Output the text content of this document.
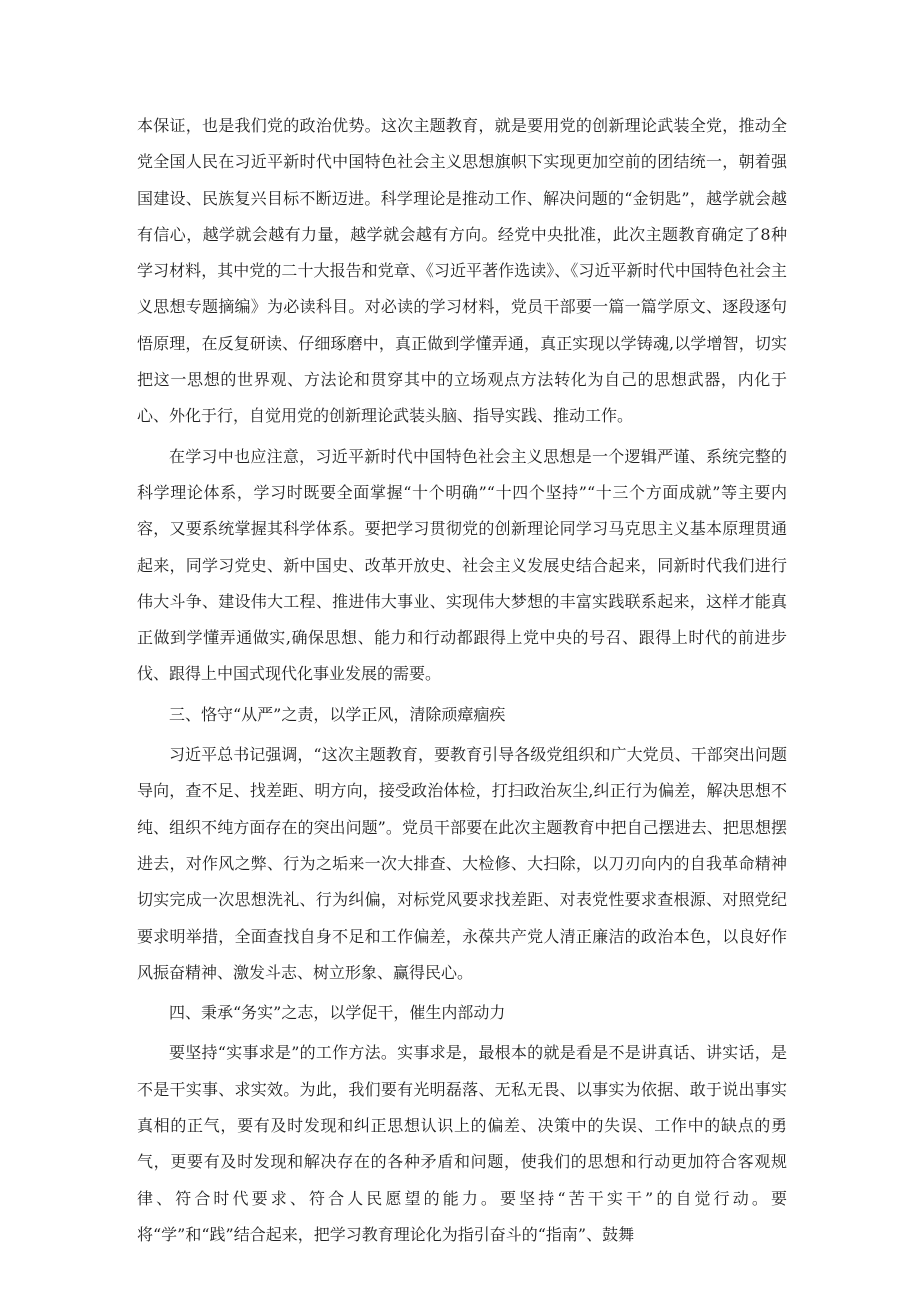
本保证，也是我们党的政治优势。这次主题教育，就是要用党的创新理论武装全党，推动全党全国人民在习近平新时代中国特色社会主义思想旗帜下实现更加空前的团结统一，朝着强国建设、民族复兴目标不断迈进。科学理论是推动工作、解决问题的“金钥匙”，越学就会越有信心，越学就会越有力量，越学就会越有方向。经党中央批准，此次主题教育确定了8种学习材料，其中党的二十大报告和党章、《习近平著作选读》、《习近平新时代中国特色社会主义思想专题摘编》为必读科目。对必读的学习材料，党员干部要一篇一篇学原文、逐段逐句悟原理，在反复研读、仔细琢磨中，真正做到学懂弄通，真正实现以学铸魂,以学增智，切实把这一思想的世界观、方法论和贯穿其中的立场观点方法转化为自己的思想武器，内化于心、外化于行，自觉用党的创新理论武装头脑、指导实践、推动工作。

在学习中也应注意，习近平新时代中国特色社会主义思想是一个逻辑严谨、系统完整的科学理论体系，学习时既要全面掌握“十个明确”“十四个坚持”“十三个方面成就”等主要内容，又要系统掌握其科学体系。要把学习贯彻党的创新理论同学习马克思主义基本原理贯通起来，同学习党史、新中国史、改革开放史、社会主义发展史结合起来，同新时代我们进行伟大斗争、建设伟大工程、推进伟大事业、实现伟大梦想的丰富实践联系起来，这样才能真正做到学懂弄通做实,确保思想、能力和行动都跟得上党中央的号召、跟得上时代的前进步伐、跟得上中国式现代化事业发展的需要。

三、恪守“从严”之责，以学正风，清除顽瘴痼疾

习近平总书记强调，“这次主题教育，要教育引导各级党组织和广大党员、干部突出问题导向，查不足、找差距、明方向，接受政治体检，打扫政治灰尘,纠正行为偏差，解决思想不纯、组织不纯方面存在的突出问题”。党员干部要在此次主题教育中把自己摆进去、把思想摆进去，对作风之弊、行为之垢来一次大排查、大检修、大扫除，以刀刃向内的自我革命精神切实完成一次思想洗礼、行为纠偏，对标党风要求找差距、对表党性要求查根源、对照党纪要求明举措，全面查找自身不足和工作偏差，永葆共产党人清正廉洁的政治本色，以良好作风振奋精神、激发斗志、树立形象、赢得民心。

四、秉承“务实”之志，以学促干，催生内部动力

要坚持“实事求是”的工作方法。实事求是，最根本的就是看是不是讲真话、讲实话，是不是干实事、求实效。为此，我们要有光明磊落、无私无畏、以事实为依据、敢于说出事实真相的正气，要有及时发现和纠正思想认识上的偏差、决策中的失误、工作中的缺点的勇气，更要有及时发现和解决存在的各种矛盾和问题，使我们的思想和行动更加符合客观规律、符合时代要求、符合人民愿望的能力。要坚持“苦干实干”的自觉行动。要将“学”和“践”结合起来，把学习教育理论化为指引奋斗的“指南”、鼓舞
